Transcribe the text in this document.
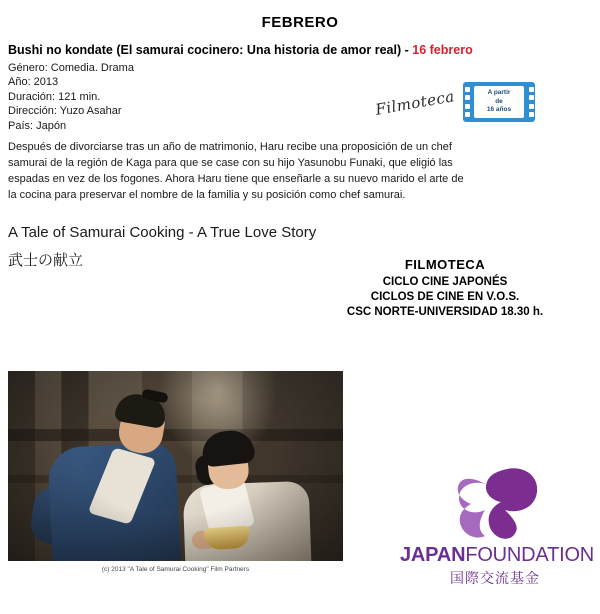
FEBRERO
Bushi no kondate (El samurai cocinero: Una historia de amor real) - 16 febrero
Género: Comedia. Drama
Año: 2013
Duración: 121 min.
Dirección: Yuzo Asahar
País: Japón
Después de divorciarse tras un año de matrimonio, Haru recibe una proposición de un chef samurai de la región de Kaga para que se case con su hijo Yasunobu Funaki, que eligió las espadas en vez de los fogones. Ahora Haru tiene que enseñarle a su nuevo marido el arte de la cocina para preservar el nombre de la familia y su posición como chef samurai.
A Tale of Samurai Cooking - A True Love Story
武士の献立
Filmoteca	A partir
de
16 años
FILMOTECA
CICLO CINE JAPONÉS
CICLOS DE CINE EN V.O.S.
CSC NORTE-UNIVERSIDAD 18.30 h.
(c) 2013 "A Tale of Samurai Cooking" Film Partners
JAPANFOUNDATION
国際交流基金
